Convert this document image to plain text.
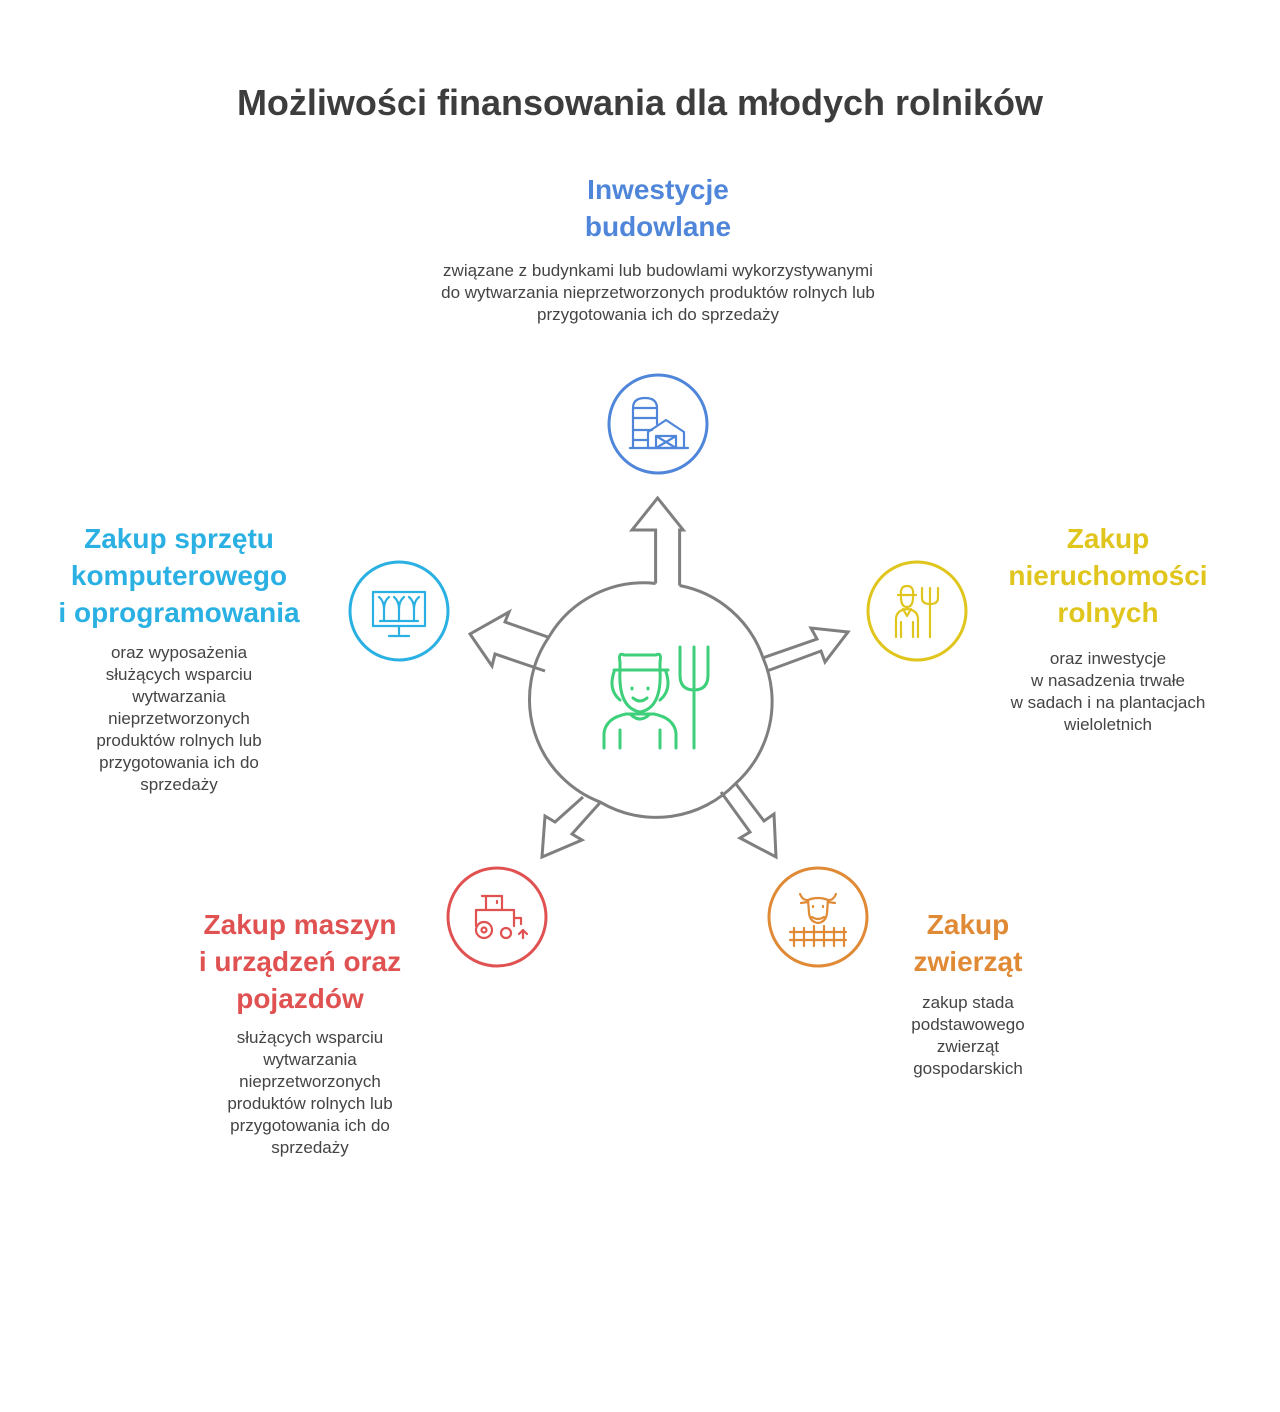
Możliwości finansowania dla młodych rolników
Inwestycje
budowlane

związane z budynkami lub budowlami wykorzystywanymi
do wytwarzania nieprzetworzonych produktów rolnych lub
przygotowania ich do sprzedaży

Zakup
nieruchomości
rolnych

oraz inwestycje
w nasadzenia trwałe
w sadach i na plantacjach
wieloletnich

Zakup
zwierząt

zakup stada
podstawowego
zwierząt
gospodarskich

Zakup maszyn
i urządzeń oraz
pojazdów

służących wsparciu
wytwarzania
nieprzetworzonych
produktów rolnych lub
przygotowania ich do
sprzedaży

Zakup sprzętu
komputerowego
i oprogramowania

oraz wyposażenia
służących wsparciu
wytwarzania
nieprzetworzonych
produktów rolnych lub
przygotowania ich do
sprzedaży
